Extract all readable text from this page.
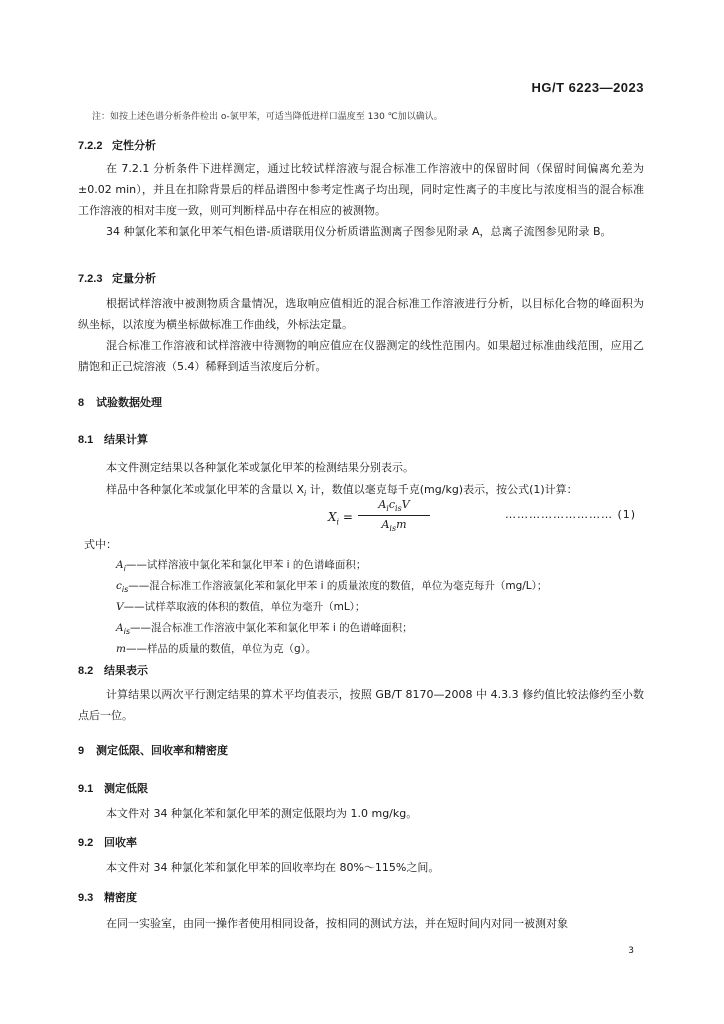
HG/T 6223—2023
注：如按上述色谱分析条件检出 o-氯甲苯，可适当降低进样口温度至 130 ℃加以确认。
7.2.2 定性分析
在 7.2.1 分析条件下进样测定，通过比较试样溶液与混合标准工作溶液中的保留时间（保留时间偏离允差为±0.02 min），并且在扣除背景后的样品谱图中参考定性离子均出现，同时定性离子的丰度比与浓度相当的混合标准工作溶液的相对丰度一致，则可判断样品中存在相应的被测物。
34 种氯化苯和氯化甲苯气相色谱-质谱联用仪分析质谱监测离子图参见附录 A，总离子流图参见附录 B。
7.2.3 定量分析
根据试样溶液中被测物质含量情况，选取响应值相近的混合标准工作溶液进行分析，以目标化合物的峰面积为纵坐标，以浓度为横坐标做标准工作曲线，外标法定量。
混合标准工作溶液和试样溶液中待测物的响应值应在仪器测定的线性范围内。如果超过标准曲线范围，应用乙腈饱和正己烷溶液（5.4）稀释到适当浓度后分析。
8 试验数据处理
8.1 结果计算
本文件测定结果以各种氯化苯或氯化甲苯的检测结果分别表示。
样品中各种氯化苯或氯化甲苯的含量以 $X_i$ 计，数值以毫克每千克(mg/kg)表示，按公式(1)计算：
$X_i$ =
$A_ic_{is}V$
$A_{is}m$
……………………… (1)
式中：
$A_i——$试样溶液中氯化苯和氯化甲苯 i 的色谱峰面积；
$c_{is}——$混合标准工作溶液氯化苯和氯化甲苯 i 的质量浓度的数值，单位为毫克每升（mg/L）；
V——试样萃取液的体积的数值，单位为毫升（mL）；
$A_{is}——$混合标准工作溶液中氯化苯和氯化甲苯 i 的色谱峰面积；
m——样品的质量的数值，单位为克（g）。
8.2 结果表示
计算结果以两次平行测定结果的算术平均值表示，按照 GB/T 8170—2008 中 4.3.3 修约值比较法修约至小数点后一位。
9 测定低限、回收率和精密度
9.1 测定低限
本文件对 34 种氯化苯和氯化甲苯的测定低限均为 1.0 mg/kg。
9.2 回收率
本文件对 34 种氯化苯和氯化甲苯的回收率均在 80%～115%之间。
9.3 精密度
在同一实验室，由同一操作者使用相同设备，按相同的测试方法，并在短时间内对同一被测对象
3
